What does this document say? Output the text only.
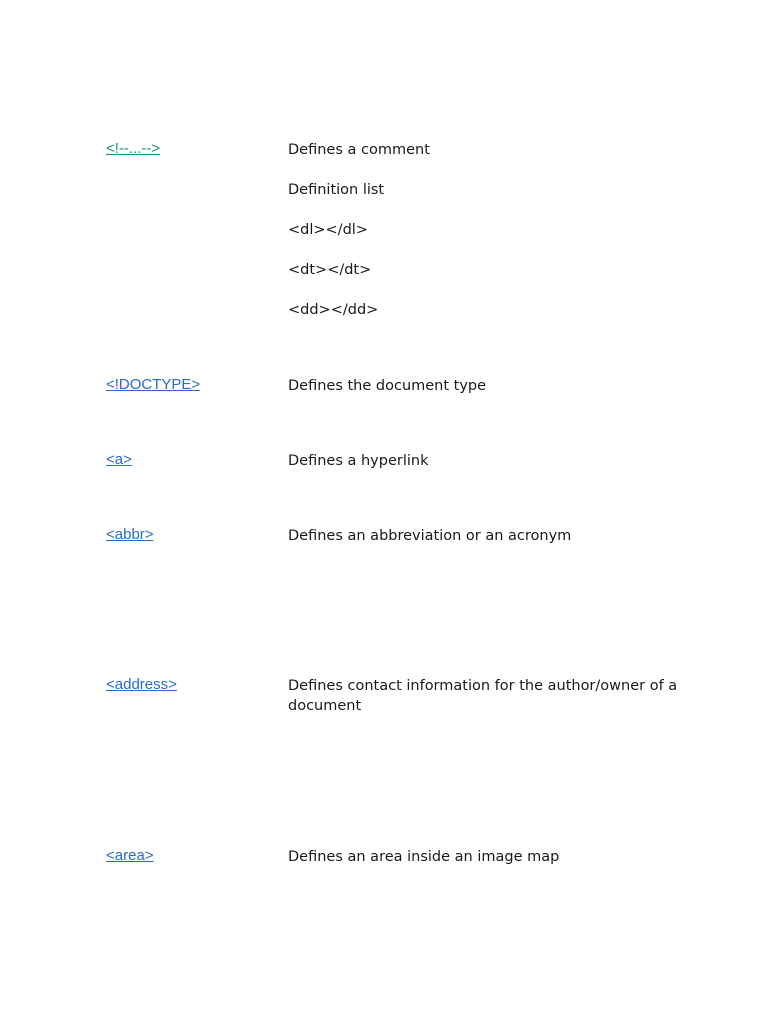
<!--...-->	Defines a comment
Definition list
<dl></dl>
<dt></dt>
<dd></dd>
<!DOCTYPE>	Defines the document type
<a>	Defines a hyperlink
<abbr>	Defines an abbreviation or an acronym
<address>	Defines contact information for the author/owner of a document
<area>	Defines an area inside an image map
